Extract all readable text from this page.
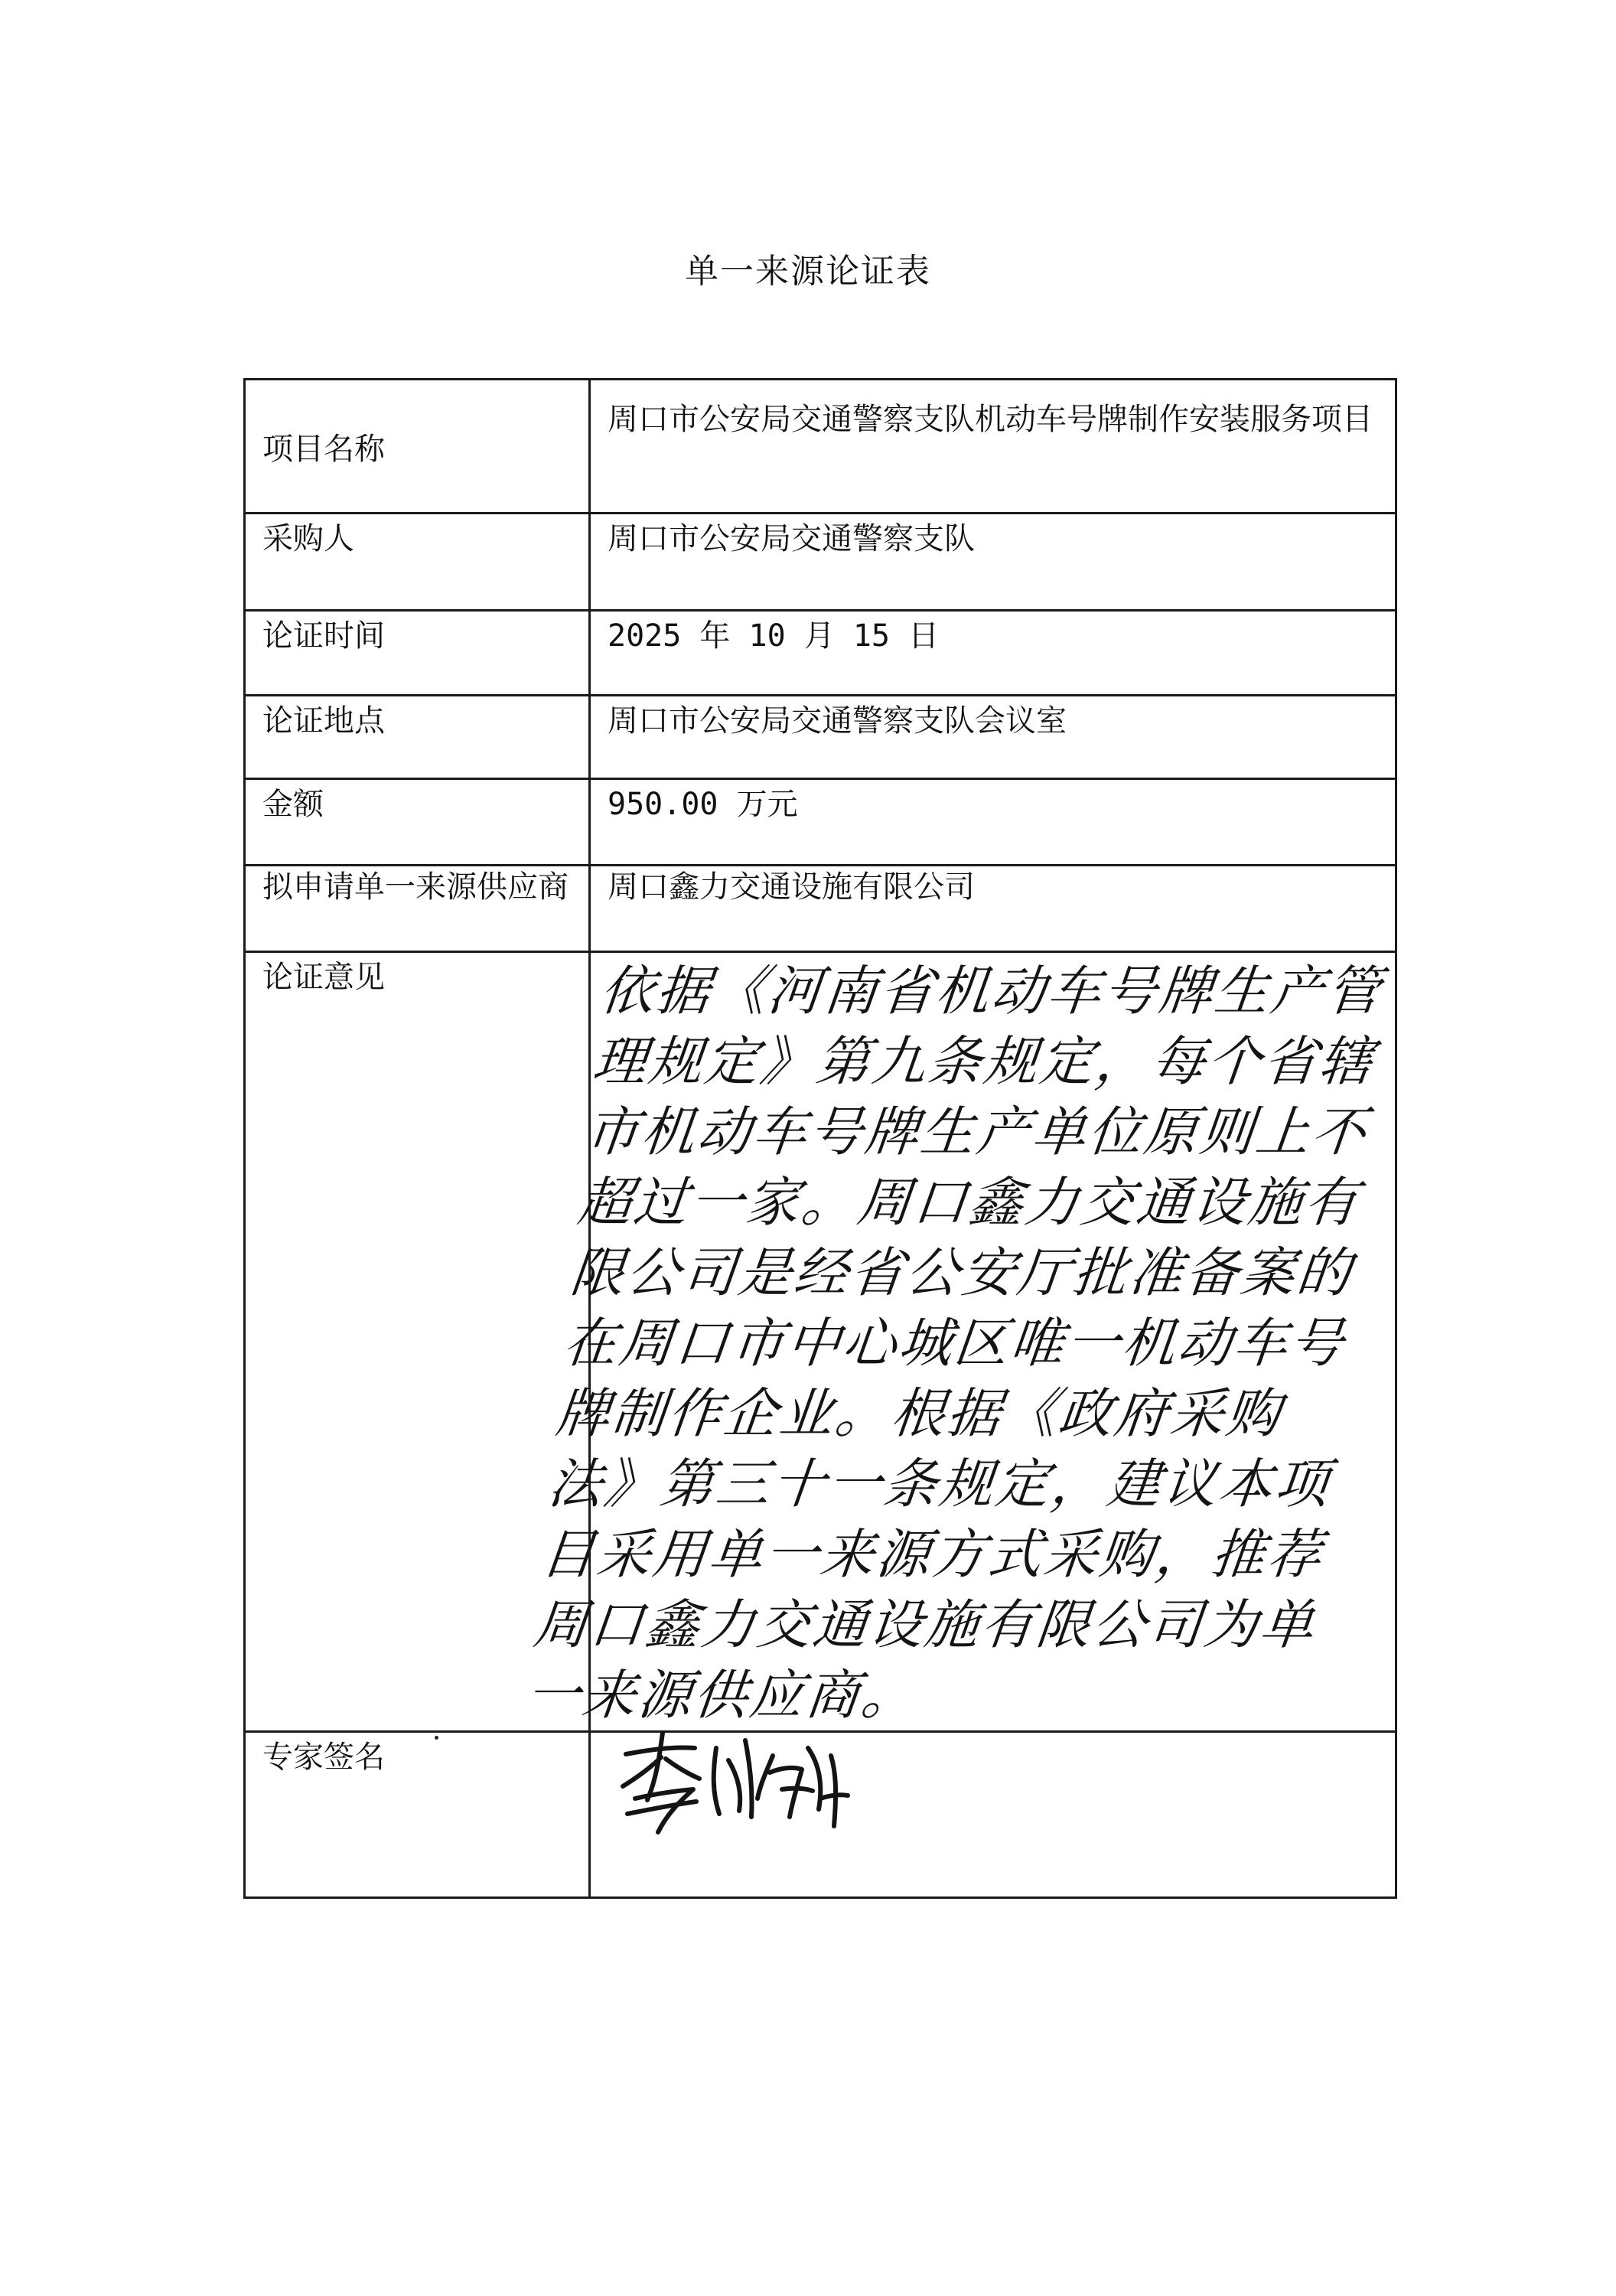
单一来源论证表
项目名称	周口市公安局交通警察支队机动车号牌制作安装服务项目

采购人	周口市公安局交通警察支队
论证时间	2025 年 10 月 15 日
论证地点	周口市公安局交通警察支队会议室
金额	950.00 万元
拟申请单一来源供应商	周口鑫力交通设施有限公司
论证意见	依据《河南省机动车号牌生产管理规定》第九条规定，每个省辖市机动车号牌生产单位原则上不超过一家。周口鑫力交通设施有限公司是经省公安厅批准备案的在周口市中心城区唯一机动车号牌制作企业。根据《政府采购法》第三十一条规定，建议本项目采用单一来源方式采购，推荐周口鑫力交通设施有限公司为单一来源供应商。

专家签名	
